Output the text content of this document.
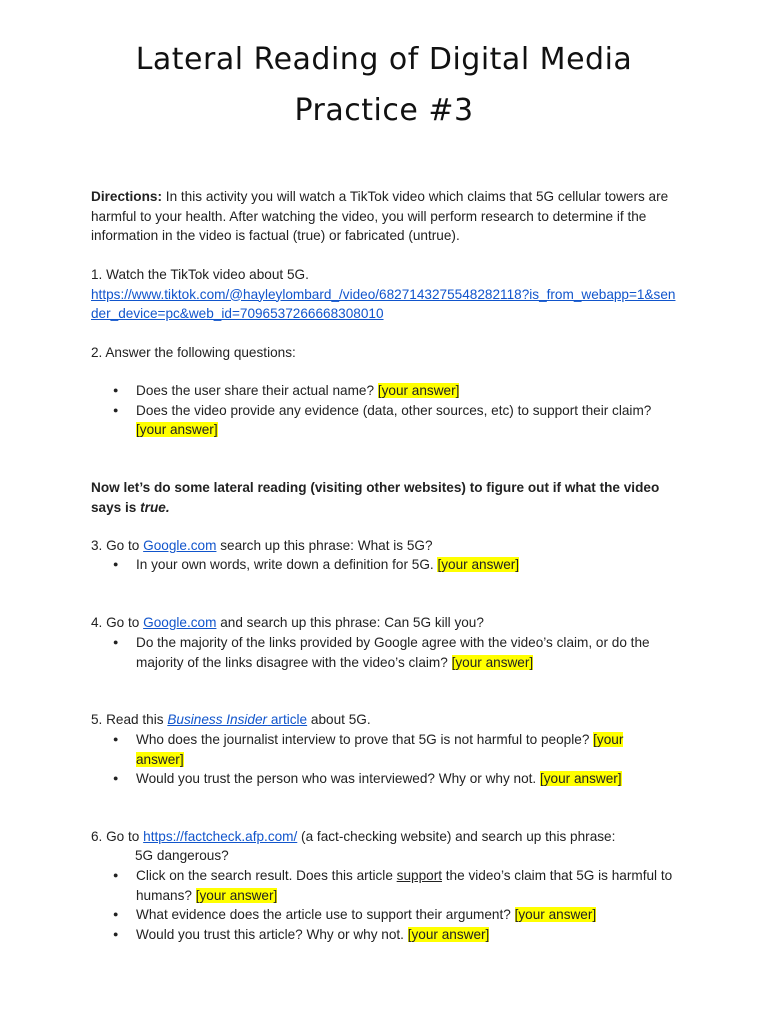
Lateral Reading of Digital Media
Practice #3
Directions: In this activity you will watch a TikTok video which claims that 5G cellular towers are harmful to your health. After watching the video, you will perform research to determine if the information in the video is factual (true) or fabricated (untrue).
1. Watch the TikTok video about 5G.
https://www.tiktok.com/@hayleylombard_/video/6827143275548282118?is_from_webapp=1&sender_device=pc&web_id=7096537266668308010
2. Answer the following questions:
● Does the user share their actual name? [your answer]
● Does the video provide any evidence (data, other sources, etc) to support their claim? [your answer]
Now let’s do some lateral reading (visiting other websites) to figure out if what the video says is true.
3. Go to Google.com search up this phrase: What is 5G?
● In your own words, write down a definition for 5G. [your answer]
4. Go to Google.com and search up this phrase: Can 5G kill you?
● Do the majority of the links provided by Google agree with the video’s claim, or do the majority of the links disagree with the video’s claim? [your answer]
5. Read this Business Insider article about 5G.
● Who does the journalist interview to prove that 5G is not harmful to people? [your
answer]
● Would you trust the person who was interviewed? Why or why not. [your answer]
6. Go to https://factcheck.afp.com/ (a fact-checking website) and search up this phrase:
5G dangerous?
● Click on the search result. Does this article support the video’s claim that 5G is harmful to humans? [your answer]
● What evidence does the article use to support their argument? [your answer]
● Would you trust this article? Why or why not. [your answer]
